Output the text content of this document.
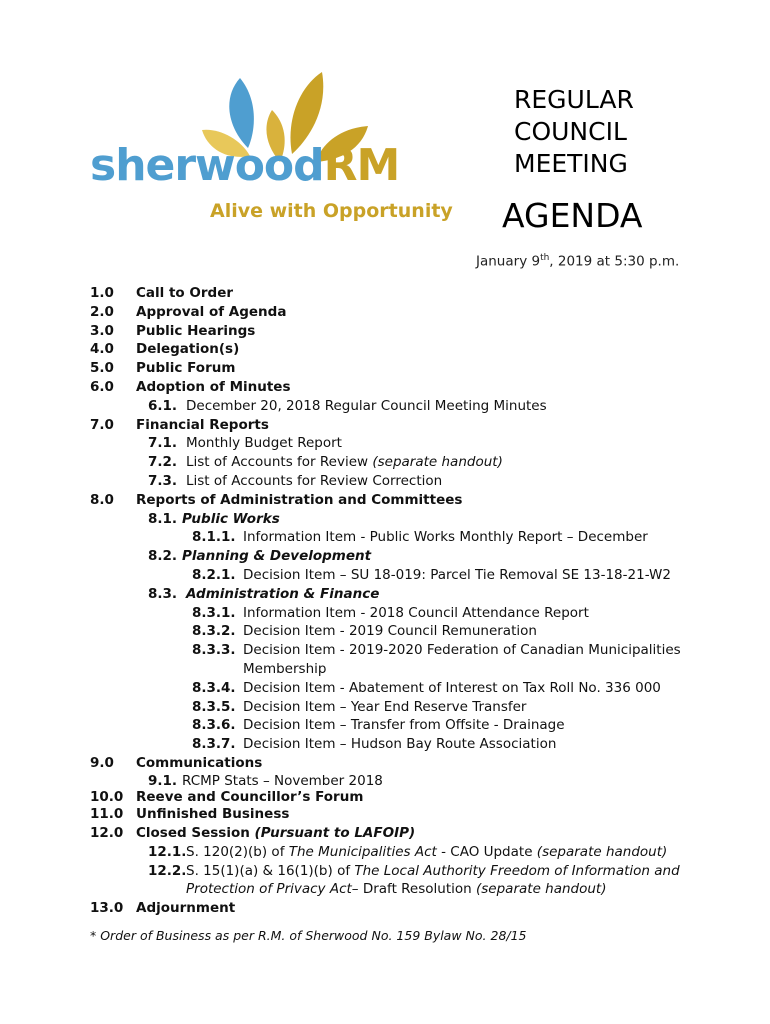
sherwoodRM
Alive with Opportunity
REGULAR
COUNCIL
MEETING
AGENDA
January 9th, 2019 at 5:30 p.m.
1.0 Call to Order
2.0 Approval of Agenda
3.0 Public Hearings
4.0 Delegation(s)
5.0 Public Forum
6.0 Adoption of Minutes
6.1. December 20, 2018 Regular Council Meeting Minutes
7.0 Financial Reports
7.1. Monthly Budget Report
7.2. List of Accounts for Review (separate handout)
7.3. List of Accounts for Review Correction
8.0 Reports of Administration and Committees
8.1. Public Works
8.1.1. Information Item - Public Works Monthly Report – December
8.2. Planning & Development
8.2.1. Decision Item – SU 18-019: Parcel Tie Removal SE 13-18-21-W2
8.3. Administration & Finance
8.3.1. Information Item - 2018 Council Attendance Report
8.3.2. Decision Item - 2019 Council Remuneration
8.3.3. Decision Item - 2019-2020 Federation of Canadian Municipalities
Membership
8.3.4. Decision Item - Abatement of Interest on Tax Roll No. 336 000
8.3.5. Decision Item – Year End Reserve Transfer
8.3.6. Decision Item – Transfer from Offsite - Drainage
8.3.7. Decision Item – Hudson Bay Route Association
9.0 Communications
9.1. RCMP Stats – November 2018
10.0 Reeve and Councillor’s Forum
11.0 Unfinished Business
12.0 Closed Session (Pursuant to LAFOIP)
12.1. S. 120(2)(b) of The Municipalities Act - CAO Update (separate handout)
12.2. S. 15(1)(a) & 16(1)(b) of The Local Authority Freedom of Information and
Protection of Privacy Act– Draft Resolution (separate handout)
13.0 Adjournment
* Order of Business as per R.M. of Sherwood No. 159 Bylaw No. 28/15
